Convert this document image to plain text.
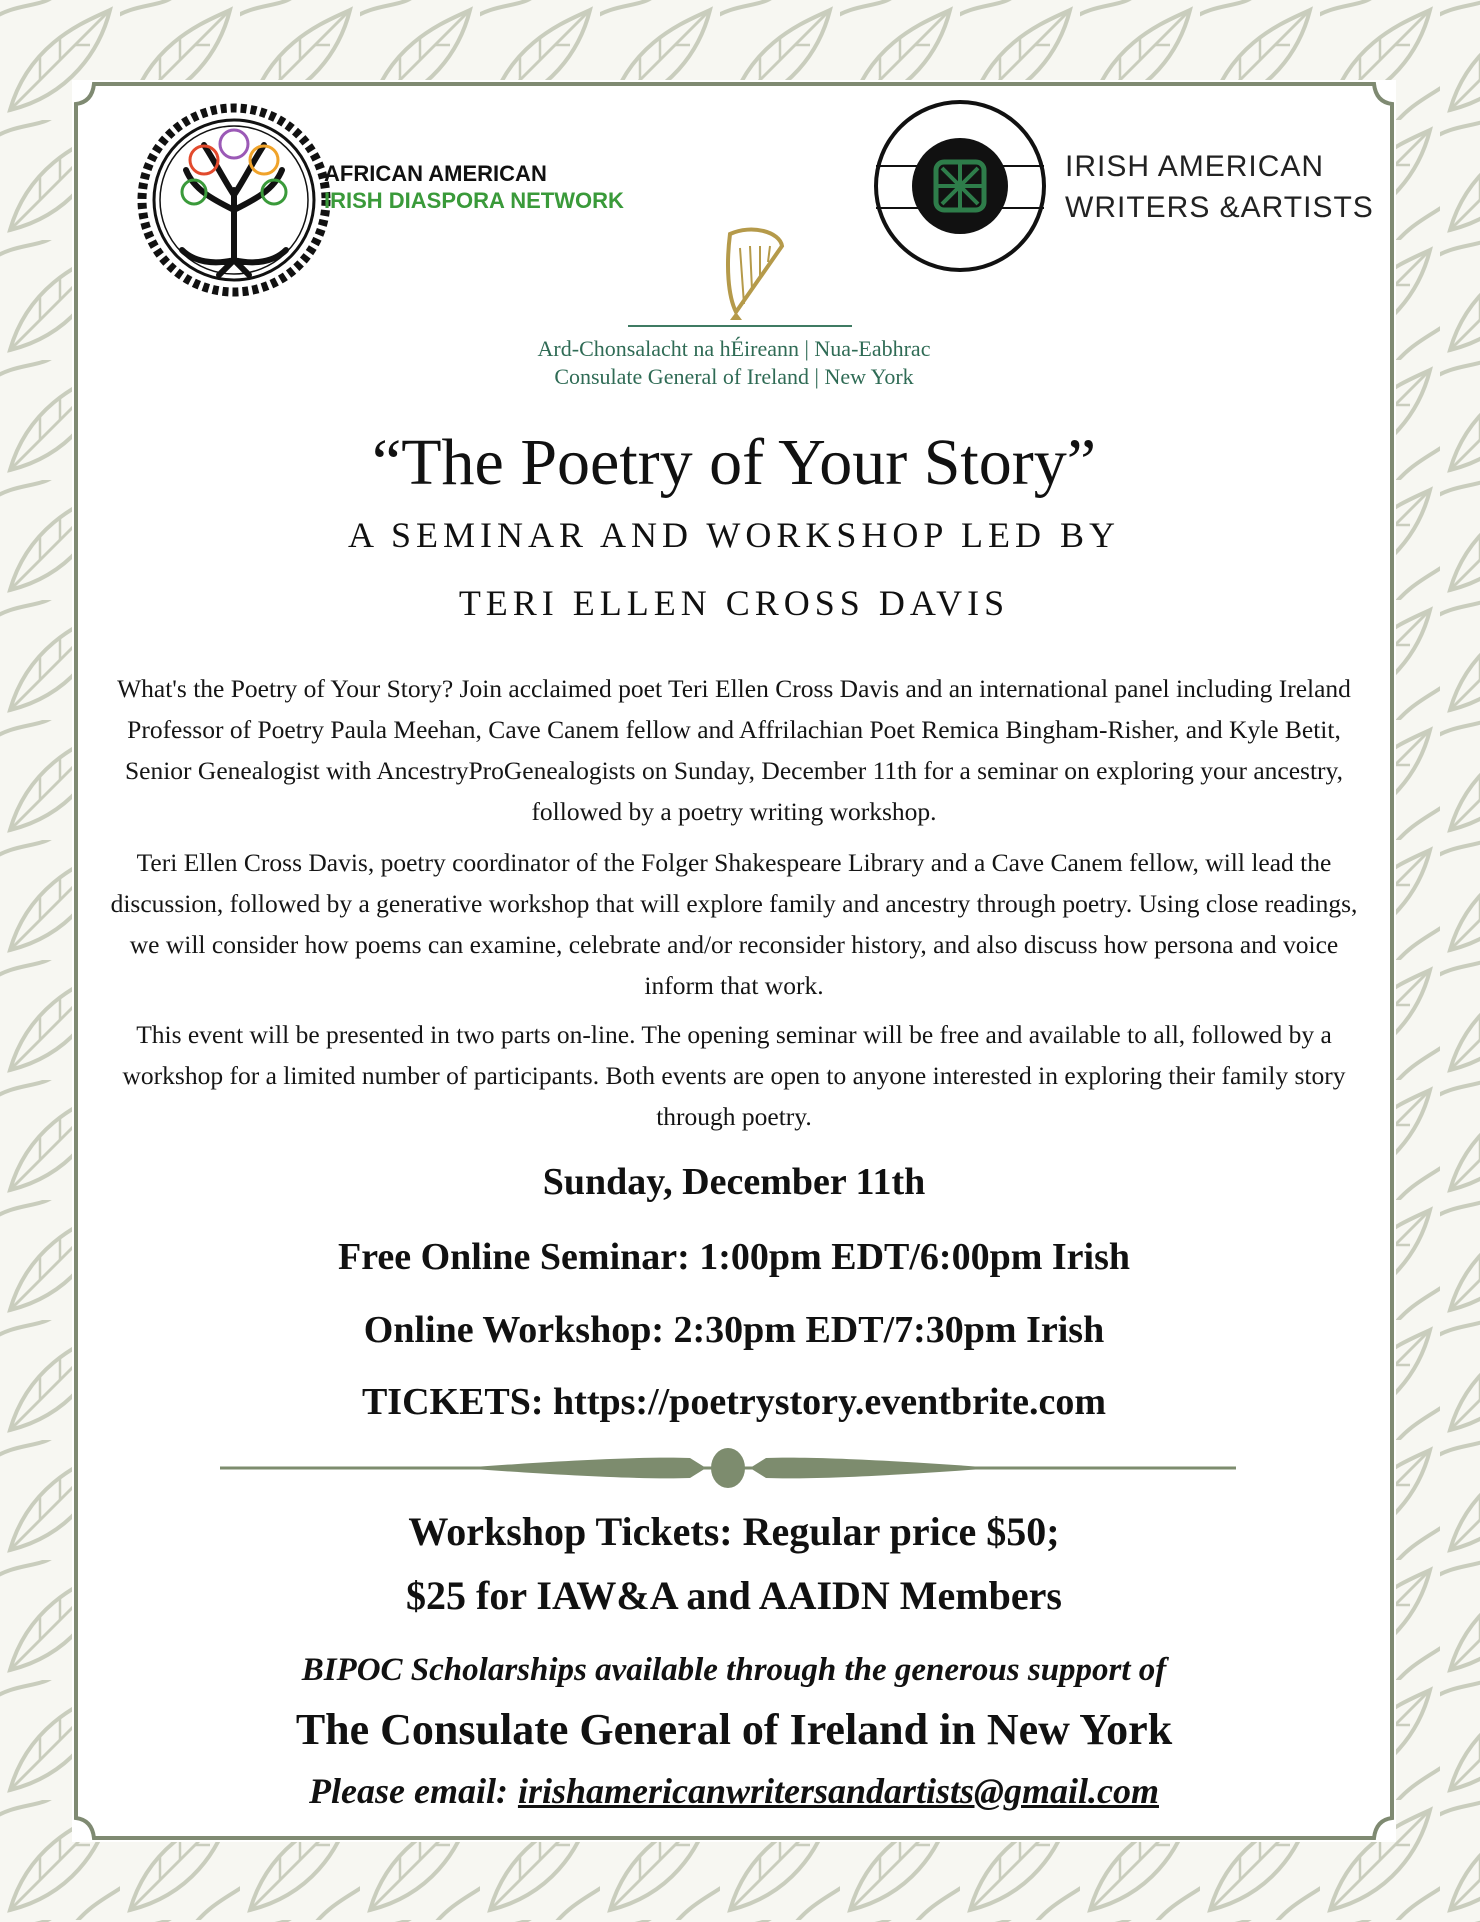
AFRICAN AMERICAN
IRISH DIASPORA NETWORK
IRISH AMERICAN
WRITERS &ARTISTS
Ard-Chonsalacht na hÉireann | Nua-Eabhrac
Consulate General of Ireland | New York
“The Poetry of Your Story”
A SEMINAR AND WORKSHOP LED BY
TERI ELLEN CROSS DAVIS

What's the Poetry of Your Story? Join acclaimed poet Teri Ellen Cross Davis and an international panel including Ireland Professor of Poetry Paula Meehan, Cave Canem fellow and Affrilachian Poet Remica Bingham-Risher, and Kyle Betit, Senior Genealogist with AncestryProGenealogists on Sunday, December 11th for a seminar on exploring your ancestry, followed by a poetry writing workshop.

Teri Ellen Cross Davis, poetry coordinator of the Folger Shakespeare Library and a Cave Canem fellow, will lead the discussion, followed by a generative workshop that will explore family and ancestry through poetry. Using close readings, we will consider how poems can examine, celebrate and/or reconsider history, and also discuss how persona and voice inform that work.

This event will be presented in two parts on-line. The opening seminar will be free and available to all, followed by a workshop for a limited number of participants. Both events are open to anyone interested in exploring their family story through poetry.

Sunday, December 11th
Free Online Seminar: 1:00pm EDT/6:00pm Irish
Online Workshop: 2:30pm EDT/7:30pm Irish
TICKETS: https://poetrystory.eventbrite.com
Workshop Tickets: Regular price $50;
$25 for IAW&A and AAIDN Members
BIPOC Scholarships available through the generous support of
The Consulate General of Ireland in New York
Please email: irishamericanwritersandartists@gmail.com
